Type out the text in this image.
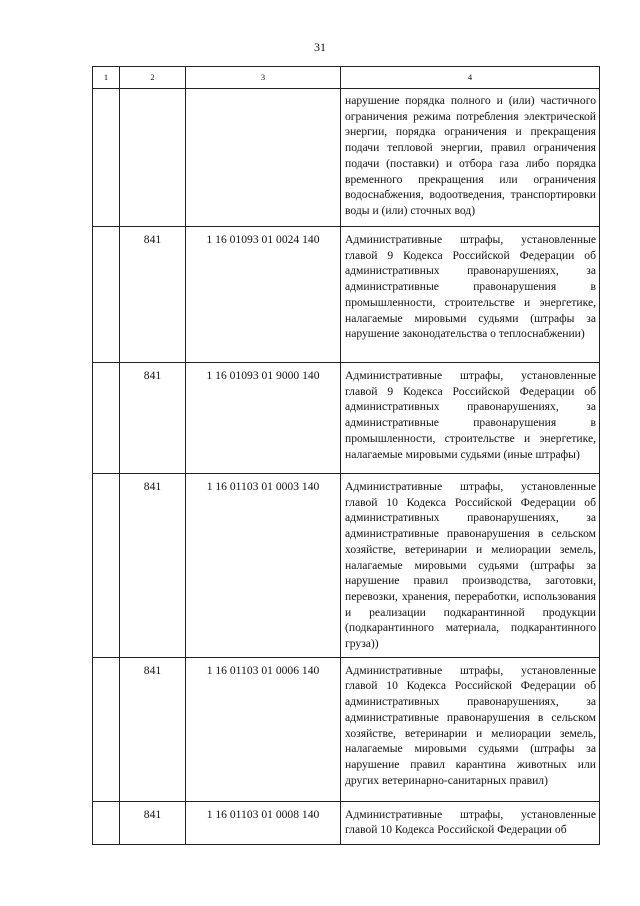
31
1	2	3	4
			нарушение порядка полного и (или) частичного ограничения режима потребления электрической энергии, порядка ограничения и прекращения подачи тепловой энергии, правил ограничения подачи (поставки) и отбора газа либо порядка временного прекращения или ограничения водоснабжения, водоотведения, транспортировки воды и (или) сточных вод)
	841	1 16 01093 01 0024 140	Административные штрафы, установленные главой 9 Кодекса Российской Федерации об административных правонарушениях, за административные правонарушения в промышленности, строительстве и энергетике, налагаемые мировыми судьями (штрафы за нарушение законодательства о теплоснабжении)
	841	1 16 01093 01 9000 140	Административные штрафы, установленные главой 9 Кодекса Российской Федерации об административных правонарушениях, за административные правонарушения в промышленности, строительстве и энергетике, налагаемые мировыми судьями (иные штрафы)
	841	1 16 01103 01 0003 140	Административные штрафы, установленные главой 10 Кодекса Российской Федерации об административных правонарушениях, за административные правонарушения в сельском хозяйстве, ветеринарии и мелиорации земель, налагаемые мировыми судьями (штрафы за нарушение правил производства, заготовки, перевозки, хранения, переработки, использования и реализации подкарантинной продукции (подкарантинного материала, подкарантинного груза))
	841	1 16 01103 01 0006 140	Административные штрафы, установленные главой 10 Кодекса Российской Федерации об административных правонарушениях, за административные правонарушения в сельском хозяйстве, ветеринарии и мелиорации земель, налагаемые мировыми судьями (штрафы за нарушение правил карантина животных или других ветеринарно-санитарных правил)
	841	1 16 01103 01 0008 140	Административные штрафы, установленные главой 10 Кодекса Российской Федерации об
